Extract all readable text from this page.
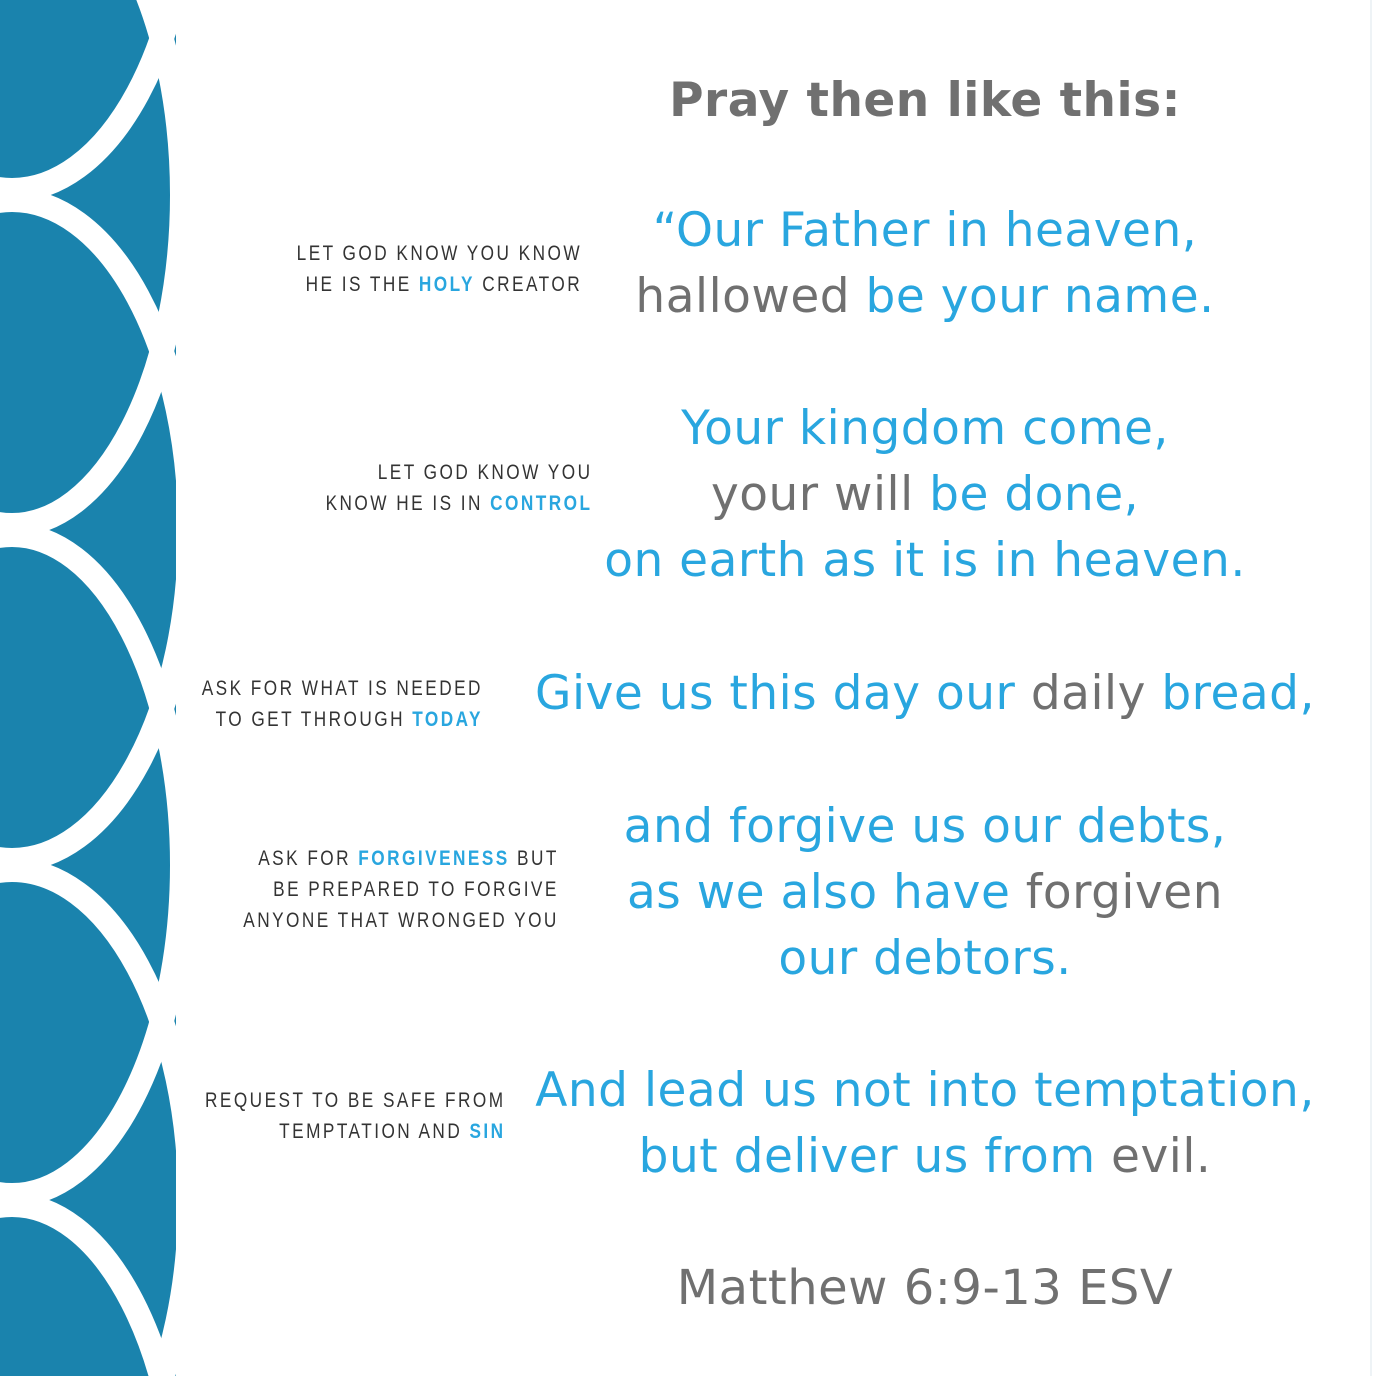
Pray then like this:
LET GOD KNOW YOU KNOW
HE IS THE HOLY CREATOR
LET GOD KNOW YOU
KNOW HE IS IN CONTROL
ASK FOR WHAT IS NEEDED
TO GET THROUGH TODAY
ASK FOR FORGIVENESS BUT
BE PREPARED TO FORGIVE
ANYONE THAT WRONGED YOU
REQUEST TO BE SAFE FROM
TEMPTATION AND SIN
“Our Father in heaven,
hallowed be your name.
Your kingdom come,
your will be done,
on earth as it is in heaven.
Give us this day our daily bread,
and forgive us our debts,
as we also have forgiven
our debtors.
And lead us not into temptation,
but deliver us from evil.
Matthew 6:9-13 ESV
